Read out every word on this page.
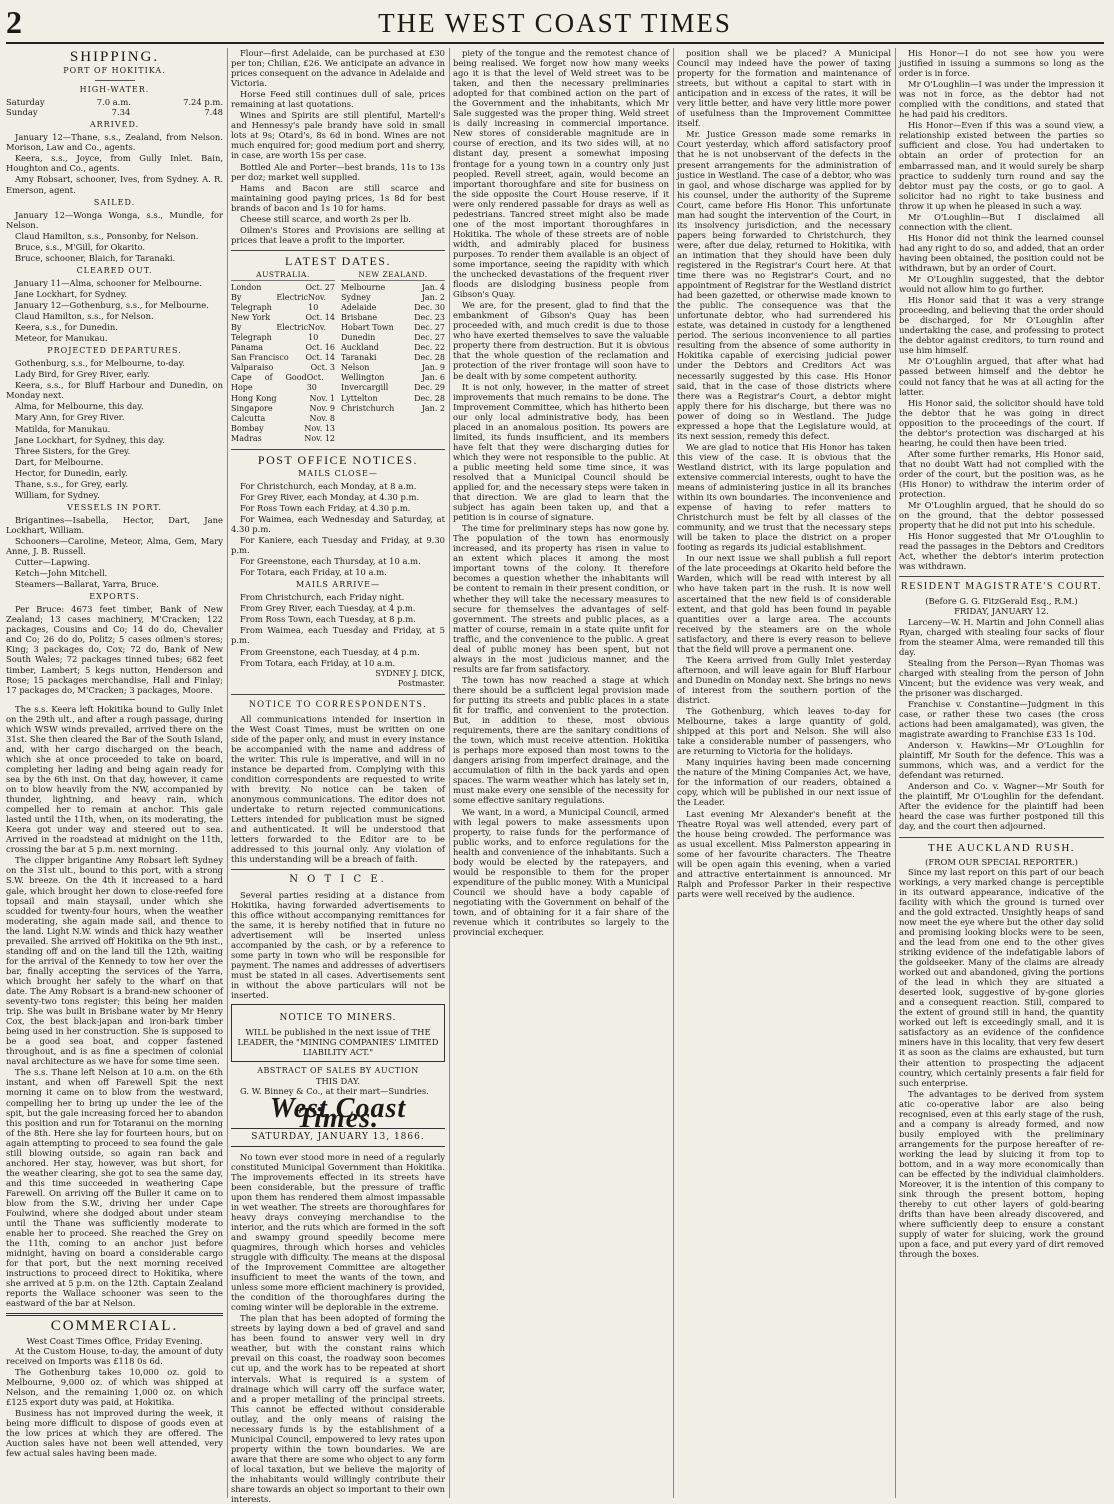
2	THE WEST COAST TIMES
SHIPPING.
PORT OF HOKITIKA.
HIGH-WATER.
Saturday	7.0 a.m.	7.24 p.m.
Sunday	7.34	7.48
ARRIVED.

January 12—Thane, s.s., Zealand, from Nelson. Morison, Law and Co., agents.

Keera, s.s., Joyce, from Gully Inlet. Bain, Houghton and Co., agents.

Amy Robsart, schooner, Ives, from Sydney. A. R. Emerson, agent.

SAILED.

January 12—Wonga Wonga, s.s., Mundle, for Nelson.

Claud Hamilton, s.s., Ponsonby, for Nelson.

Bruce, s.s., M'Gill, for Okarito.

Bruce, schooner, Blaich, for Taranaki.

CLEARED OUT.

January 11—Alma, schooner for Melbourne.

Jane Lockhart, for Sydney.

January 12—Gothenburg, s.s., for Melbourne.

Claud Hamilton, s.s., for Nelson.

Keera, s.s., for Dunedin.

Meteor, for Manukau.

PROJECTED DEPARTURES.

Gothenburg, s.s., for Melbourne, to-day.

Lady Bird, for Grey River, early.

Keera, s.s., for Bluff Harbour and Dunedin, on Monday next.

Alma, for Melbourne, this day.

Mary Ann, for Grey River.

Matilda, for Manukau.

Jane Lockhart, for Sydney, this day.

Three Sisters, for the Grey.

Dart, for Melbourne.

Hector, for Dunedin, early.

Thane, s.s., for Grey, early.

William, for Sydney.

VESSELS IN PORT.

Brigantines—Isabella, Hector, Dart, Jane Lockhart, William.

Schooners—Caroline, Meteor, Alma, Gem, Mary Anne, J. B. Russell.

Cutter—Lapwing.

Ketch—John Mitchell.

Steamers—Ballarat, Yarra, Bruce.

EXPORTS.

Per Bruce: 4673 feet timber, Bank of New Zealand; 13 cases machinery, M'Cracken; 122 packages, Cousins and Co; 14 do do, Chevalier and Co; 26 do do, Politz; 5 cases oilmen's stores; King; 3 packages do, Cox; 72 do, Bank of New South Wales; 72 packages tinned tubes; 682 feet timber, Lambert; 5 kegs nutton, Henderson and Rose; 15 packages merchandise, Hall and Finlay; 17 packages do, M'Cracken; 3 packages, Moore.

The s.s. Keera left Hokitika bound to Gully Inlet on the 29th ult., and after a rough passage, during which WSW winds prevailed, arrived there on the 31st. She then cleared the Bar of the South Island, and, with her cargo discharged on the beach, which she at once proceeded to take on board, completing her lading and being again ready for sea by the 6th inst. On that day, however, it came on to blow heavily from the NW, accompanied by thunder, lightning, and heavy rain, which compelled her to remain at anchor. This gale lasted until the 11th, when, on its moderating, the Keera got under way and steered out to sea. Arrived in the roadstead at midnight on the 11th, crossing the bar at 5 p.m. next morning.

The clipper brigantine Amy Robsart left Sydney on the 31st ult., bound to this port, with a strong S.W. breeze. On the 4th it increased to a hard gale, which brought her down to close-reefed fore topsail and main staysail, under which she scudded for twenty-four hours, when the weather moderating, she again made sail, and thence to the land. Light N.W. winds and thick hazy weather prevailed. She arrived off Hokitika on the 9th inst., standing off and on the land till the 12th, waiting for the arrival of the Kennedy to tow her over the bar, finally accepting the services of the Yarra, which brought her safely to the wharf on that date. The Amy Robsart is a brand-new schooner of seventy-two tons register; this being her maiden trip. She was built in Brisbane water by Mr Henry Cox, the best black-japan and iron-bark timber being used in her construction. She is supposed to be a good sea boat, and copper fastened throughout, and is as fine a specimen of colonial naval architecture as we have for some time seen.

The s.s. Thane left Nelson at 10 a.m. on the 6th instant, and when off Farewell Spit the next morning it came on to blow from the westward, compelling her to bring up under the lee of the spit, but the gale increasing forced her to abandon this position and run for Totaranui on the morning of the 8th. Here she lay for fourteen hours, but on again attempting to proceed to sea found the gale still blowing outside, so again ran back and anchored. Her stay, however, was but short, for the weather clearing, she got to sea the same day, and this time succeeded in weathering Cape Farewell. On arriving off the Buller it came on to blow from the S.W., driving her under Cape Foulwind, where she dodged about under steam until the Thane was sufficiently moderate to enable her to proceed. She reached the Grey on the 11th, coming to an anchor just before midnight, having on board a considerable cargo for that port, but the next morning received instructions to proceed direct to Hokitika, where she arrived at 5 p.m. on the 12th. Captain Zealand reports the Wallace schooner was seen to the eastward of the bar at Nelson.

COMMERCIAL.
West Coast Times Office, Friday Evening.

At the Custom House, to-day, the amount of duty received on Imports was £118 0s 6d.

The Gothenburg takes 10,000 oz. gold to Melbourne, 9,000 oz. of which was shipped at Nelson, and the remaining 1,000 oz. on which £125 export duty was paid, at Hokitika.

Business has not improved during the week, it being more difficult to dispose of goods even at the low prices at which they are offered. The Auction sales have not been well attended, very few actual sales having been made.

Flour—first Adelaide, can be purchased at £30 per ton; Chilian, £26. We anticipate an advance in prices consequent on the advance in Adelaide and Victoria.

Horse Feed still continues dull of sale, prices remaining at last quotations.

Wines and Spirits are still plentiful, Martell's and Hennessy's pale brandy have sold in small lots at 9s; Otard's, 8s 6d in bond. Wines are not much enquired for; good medium port and sherry, in case, are worth 15s per case.

Bottled Ale and Porter—best brands, 11s to 13s per doz; market well supplied.

Hams and Bacon are still scarce and maintaining good paying prices, 1s 8d for best brands of bacon and 1s 10 for hams.

Cheese still scarce, and worth 2s per lb.

Oilmen's Stores and Provisions are selling at prices that leave a profit to the importer.

LATEST DATES.
AUSTRALIA.
London	Oct. 27
By Electric Telegraph
Nov. 10
New York	Oct. 14
By Electric Telegraph
Nov. 10
Panama	Oct. 16
San Francisco Oct. 14
Valparaiso	Oct. 3
Cape of Good Hope
Oct. 30
Hong Kong	Nov. 1
Singapore	Nov. 9
Calcutta	Nov. 8
Bombay	Nov. 13
Madras	Nov. 12
NEW ZEALAND.
Melbourne	Jan. 4
Sydney	Jan. 2
Adelaide	Dec. 30
Brisbane	Dec. 23
Hobart Town	Dec. 27
Dunedin	Dec. 27
Auckland	Dec. 22
Taranaki	Dec. 28
Nelson	Jan. 9
Wellington	Jan. 6
Invercargill	Dec. 29
Lyttelton	Dec. 28
Christchurch	Jan. 2
POST OFFICE NOTICES.
MAILS CLOSE—

For Christchurch, each Monday, at 8 a.m.

For Grey River, each Monday, at 4.30 p.m.

For Ross Town each Friday, at 4.30 p.m.

For Waimea, each Wednesday and Saturday, at 4.30 p.m.

For Kaniere, each Tuesday and Friday, at 9.30 p.m.

For Greenstone, each Thursday, at 10 a.m.

For Totara, each Friday, at 10 a.m.

MAILS ARRIVE—

From Christchurch, each Friday night.

From Grey River, each Tuesday, at 4 p.m.

From Ross Town, each Tuesday, at 8 p.m.

From Waimea, each Tuesday and Friday, at 5 p.m.

From Greenstone, each Tuesday, at 4 p.m.

From Totara, each Friday, at 10 a.m.

SYDNEY J. DICK,
Postmaster.
NOTICE TO CORRESPONDENTS.

All communications intended for insertion in the West Coast Times, must be written on one side of the paper only, and must in every instance be accompanied with the name and address of the writer. This rule is imperative, and will in no instance be departed from. Complying with this condition correspondents are requested to write with brevity. No notice can be taken of anonymous communications. The editor does not undertake to return rejected communications. Letters intended for publication must be signed and authenticated. It will be understood that letters forwarded to the Editor are to be addressed to this journal only. Any violation of this understanding will be a breach of faith.

N O T I C E.

Several parties residing at a distance from Hokitika, having forwarded advertisements to this office without accompanying remittances for the same, it is hereby notified that in future no advertisement will be inserted unless accompanied by the cash, or by a reference to some party in town who will be responsible for payment. The names and addresses of advertisers must be stated in all cases. Advertisements sent in without the above particulars will not be inserted.

NOTICE TO MINERS.

WILL be published in the next issue of THE LEADER, the "MINING COMPANIES' LIMITED LIABILITY ACT."

ABSTRACT OF SALES BY AUCTION
THIS DAY.

G. W. Binney & Co., at their mart—Sundries.

West Coast Times.
SATURDAY, JANUARY 13, 1866.

No town ever stood more in need of a regularly constituted Municipal Government than Hokitika. The improvements effected in its streets have been considerable, but the pressure of traffic upon them has rendered them almost impassable in wet weather. The streets are thoroughfares for heavy drays conveying merchandise to the interior, and the ruts which are formed in the soft and swampy ground speedily become mere quagmires, through which horses and vehicles struggle with difficulty. The means at the disposal of the Improvement Committee are altogether insufficient to meet the wants of the town, and unless some more efficient machinery is provided, the condition of the thoroughfares during the coming winter will be deplorable in the extreme.

The plan that has been adopted of forming the streets by laying down a bed of gravel and sand has been found to answer very well in dry weather, but with the constant rains which prevail on this coast, the roadway soon becomes cut up, and the work has to be repeated at short intervals. What is required is a system of drainage which will carry off the surface water, and a proper metalling of the principal streets. This cannot be effected without considerable outlay, and the only means of raising the necessary funds is by the establishment of a Municipal Council, empowered to levy rates upon property within the town boundaries. We are aware that there are some who object to any form of local taxation, but we believe the majority of the inhabitants would willingly contribute their share towards an object so important to their own interests.

piety of the tongue and the remotest chance of being realised. We forget now how many weeks ago it is that the level of Weld street was to be taken, and then the necessary preliminaries adopted for that combined action on the part of the Government and the inhabitants, which Mr Sale suggested was the proper thing. Weld street is daily increasing in commercial importance. New stores of considerable magnitude are in course of erection, and its two sides will, at no distant day, present a somewhat imposing frontage for a young town in a country only just peopled. Revell street, again, would become an important thoroughfare and site for business on the side opposite the Court House reserve, if it were only rendered passable for drays as well as pedestrians. Tancred street might also be made one of the most important thoroughfares in Hokitika. The whole of these streets are of noble width, and admirably placed for business purposes. To render them available is an object of some importance, seeing the rapidity with which the unchecked devastations of the frequent river floods are dislodging business people from Gibson's Quay.

We are, for the present, glad to find that the embankment of Gibson's Quay has been proceeded with, and much credit is due to those who have exerted themselves to save the valuable property there from destruction. But it is obvious that the whole question of the reclamation and protection of the river frontage will soon have to be dealt with by some competent authority.

It is not only, however, in the matter of street improvements that much remains to be done. The Improvement Committee, which has hitherto been our only local administrative body, has been placed in an anomalous position. Its powers are limited, its funds insufficient, and its members have felt that they were discharging duties for which they were not responsible to the public. At a public meeting held some time since, it was resolved that a Municipal Council should be applied for, and the necessary steps were taken in that direction. We are glad to learn that the subject has again been taken up, and that a petition is in course of signature.

The time for preliminary steps has now gone by. The population of the town has enormously increased, and its property has risen in value to an extent which places it among the most important towns of the colony. It therefore becomes a question whether the inhabitants will be content to remain in their present condition, or whether they will take the necessary measures to secure for themselves the advantages of self-government. The streets and public places, as a matter of course, remain in a state quite unfit for traffic, and the convenience to the public. A great deal of public money has been spent, but not always in the most judicious manner, and the results are far from satisfactory.

The town has now reached a stage at which there should be a sufficient legal provision made for putting its streets and public places in a state fit for traffic, and convenient to the protection. But, in addition to these, most obvious requirements, there are the sanitary conditions of the town, which must receive attention. Hokitika is perhaps more exposed than most towns to the dangers arising from imperfect drainage, and the accumulation of filth in the back yards and open spaces. The warm weather which has lately set in, must make every one sensible of the necessity for some effective sanitary regulations.

We want, in a word, a Municipal Council, armed with legal powers to make assessments upon property, to raise funds for the performance of public works, and to enforce regulations for the health and convenience of the inhabitants. Such a body would be elected by the ratepayers, and would be responsible to them for the proper expenditure of the public money. With a Municipal Council we should have a body capable of negotiating with the Government on behalf of the town, and of obtaining for it a fair share of the revenue which it contributes so largely to the provincial exchequer.

position shall we be placed? A Municipal Council may indeed have the power of taxing property for the formation and maintenance of streets, but without a capital to start with in anticipation and in excess of the rates, it will be very little better, and have very little more power of usefulness than the Improvement Committee itself.

Mr. Justice Gresson made some remarks in Court yesterday, which afford satisfactory proof that he is not unobservant of the defects in the present arrangements for the administration of justice in Westland. The case of a debtor, who was in gaol, and whose discharge was applied for by his counsel, under the authority of the Supreme Court, came before His Honor. This unfortunate man had sought the intervention of the Court, in its insolvency jurisdiction, and the necessary papers being forwarded to Christchurch, they were, after due delay, returned to Hokitika, with an intimation that they should have been duly registered in the Registrar's Court here. At that time there was no Registrar's Court, and no appointment of Registrar for the Westland district had been gazetted, or otherwise made known to the public. The consequence was that the unfortunate debtor, who had surrendered his estate, was detained in custody for a lengthened period. The serious inconvenience to all parties resulting from the absence of some authority in Hokitika capable of exercising judicial power under the Debtors and Creditors Act was necessarily suggested by this case. His Honor said, that in the case of those districts where there was a Registrar's Court, a debtor might apply there for his discharge, but there was no power of doing so in Westland. The Judge expressed a hope that the Legislature would, at its next session, remedy this defect.

We are glad to notice that His Honor has taken this view of the case. It is obvious that the Westland district, with its large population and extensive commercial interests, ought to have the means of administering justice in all its branches within its own boundaries. The inconvenience and expense of having to refer matters to Christchurch must be felt by all classes of the community, and we trust that the necessary steps will be taken to place the district on a proper footing as regards its judicial establishment.

In our next issue we shall publish a full report of the late proceedings at Okarito held before the Warden, which will be read with interest by all who have taken part in the rush. It is now well ascertained that the new field is of considerable extent, and that gold has been found in payable quantities over a large area. The accounts received by the steamers are on the whole satisfactory, and there is every reason to believe that the field will prove a permanent one.

The Keera arrived from Gully Inlet yesterday afternoon, and will leave again for Bluff Harbour and Dunedin on Monday next. She brings no news of interest from the southern portion of the district.

The Gothenburg, which leaves to-day for Melbourne, takes a large quantity of gold, shipped at this port and Nelson. She will also take a considerable number of passengers, who are returning to Victoria for the holidays.

Many inquiries having been made concerning the nature of the Mining Companies Act, we have, for the information of our readers, obtained a copy, which will be published in our next issue of the Leader.

Last evening Mr Alexander's benefit at the Theatre Royal was well attended, every part of the house being crowded. The performance was as usual excellent. Miss Palmerston appearing in some of her favourite characters. The Theatre will be open again this evening, when a varied and attractive entertainment is announced. Mr Ralph and Professor Parker in their respective parts were well received by the audience.

His Honor—I do not see how you were justified in issuing a summons so long as the order is in force.

Mr O'Loughlin—I was under the impression it was not in force, as the debtor had not complied with the conditions, and stated that he had paid his creditors.

His Honor—Even if this was a sound view, a relationship existed between the parties so sufficient and close. You had undertaken to obtain an order of protection for an embarrassed man, and it would surely be sharp practice to suddenly turn round and say the debtor must pay the costs, or go to gaol. A solicitor had no right to take business and throw it up when he pleased in such a way.

Mr O'Loughlin—But I disclaimed all connection with the client.

His Honor did not think the learned counsel had any right to do so, and added, that an order having been obtained, the position could not be withdrawn, but by an order of Court.

Mr O'Loughlin suggested, that the debtor would not allow him to go further.

His Honor said that it was a very strange proceeding, and believing that the order should be discharged, for Mr O'Loughlin after undertaking the case, and professing to protect the debtor against creditors, to turn round and use him himself.

Mr O'Loughlin argued, that after what had passed between himself and the debtor he could not fancy that he was at all acting for the latter.

His Honor said, the solicitor should have told the debtor that he was going in direct opposition to the proceedings of the court. If the debtor's protection was discharged at his hearing, he could then have been tried.

After some further remarks, His Honor said, that no doubt Watt had not complied with the order of the court, but the position was, as he (His Honor) to withdraw the interim order of protection.

Mr O'Loughlin argued, that he should do so on the ground, that the debtor possessed property that he did not put into his schedule.

His Honor suggested that Mr O'Loughlin to read the passages in the Debtors and Creditors Act, whether the debtor's interim protection was withdrawn.

RESIDENT MAGISTRATE'S COURT.
(Before G. G. FitzGerald Esq., R.M.)
FRIDAY, JANUARY 12.

Larceny—W. H. Martin and John Connell alias Ryan, charged with stealing four sacks of flour from the steamer Alma, were remanded till this day.

Stealing from the Person—Ryan Thomas was charged with stealing from the person of John Vincent; but the evidence was very weak, and the prisoner was discharged.

Franchise v. Constantine—Judgment in this case, or rather these two cases (the cross actions had been amalgamated), was given, the magistrate awarding to Franchise £33 1s 10d.

Anderson v. Hawkins—Mr O'Loughlin for plaintiff, Mr South for the defence. This was a summons, which was, and a verdict for the defendant was returned.

Anderson and Co. v. Wagner—Mr South for the plaintiff, Mr O'Loughlin for the defendant. After the evidence for the plaintiff had been heard the case was further postponed till this day, and the court then adjourned.

THE AUCKLAND RUSH.
(FROM OUR SPECIAL REPORTER.)

Since my last report on this part of our beach workings, a very marked change is perceptible in its outward appearance, indicative of the facility with which the ground is turned over and the gold extracted. Unsightly heaps of sand now meet the eye where but the other day solid and promising looking blocks were to be seen, and the lead from one end to the other gives striking evidence of the indefatigable labors of the goldseeker. Many of the claims are already worked out and abandoned, giving the portions of the lead in which they are situated a deserted look, suggestive of by-gone glories and a consequent reaction. Still, compared to the extent of ground still in hand, the quantity worked out left is exceedingly small, and it is satisfactory as an evidence of the confidence miners have in this locality, that very few desert it as soon as the claims are exhausted, but turn their attention to prospecting the adjacent country, which certainly presents a fair field for such enterprise.

The advantages to be derived from system atic co-operative labor are also being recognised, even at this early stage of the rush, and a company is already formed, and now busily employed with the preliminary arrangements for the purpose hereafter of re-working the lead by sluicing it from top to bottom, and in a way more economically than can be effected by the individual claimholders. Moreover, it is the intention of this company to sink through the present bottom, hoping thereby to cut other layers of gold-bearing drifts than have been already discovered, and where sufficiently deep to ensure a constant supply of water for sluicing, work the ground upon a face, and put every yard of dirt removed through the boxes.
